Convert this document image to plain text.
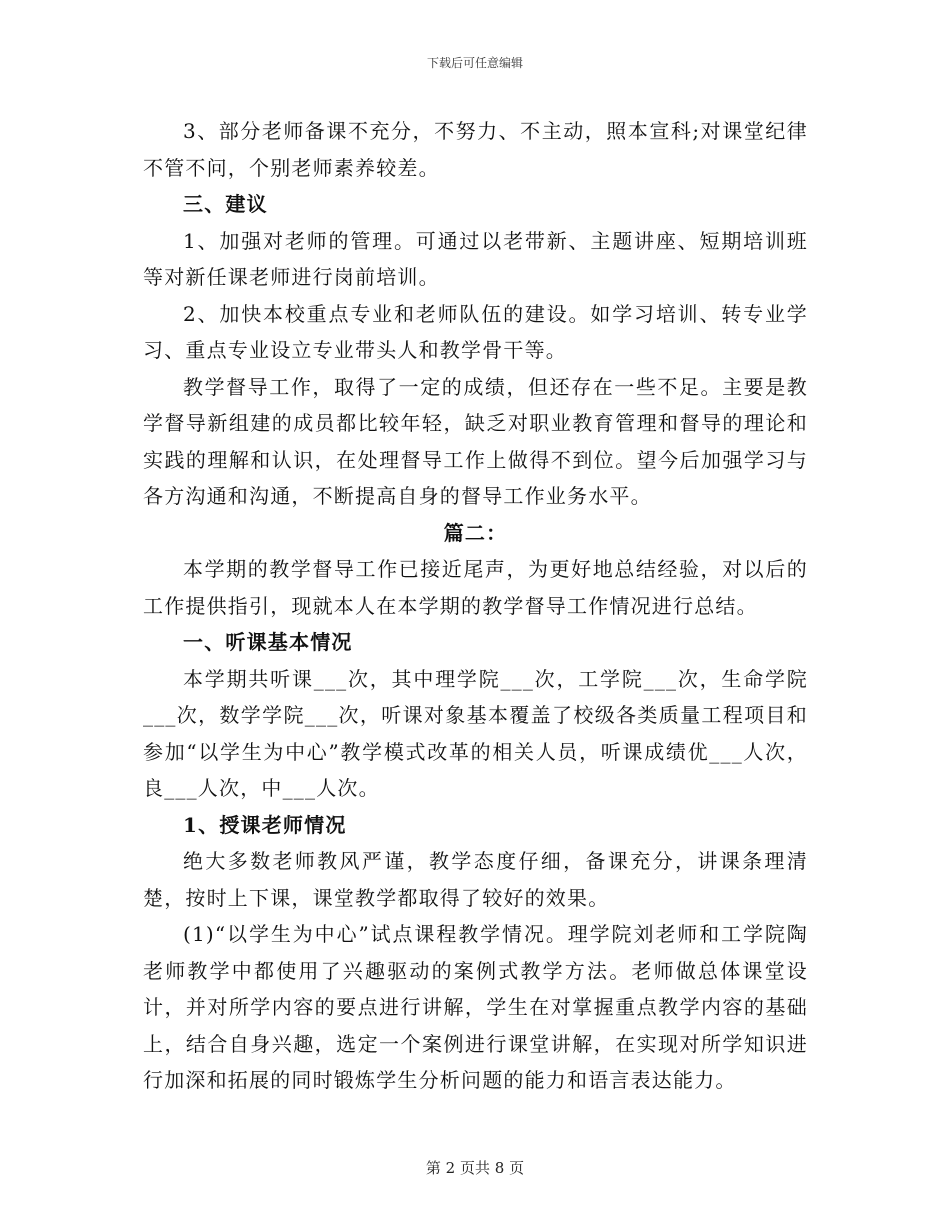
下载后可任意编辑

3、部分老师备课不充分，不努力、不主动，照本宣科;对课堂纪律不管不问，个别老师素养较差。

三、建议

1、加强对老师的管理。可通过以老带新、主题讲座、短期培训班等对新任课老师进行岗前培训。

2、加快本校重点专业和老师队伍的建设。如学习培训、转专业学习、重点专业设立专业带头人和教学骨干等。

教学督导工作，取得了一定的成绩，但还存在一些不足。主要是教学督导新组建的成员都比较年轻，缺乏对职业教育管理和督导的理论和实践的理解和认识，在处理督导工作上做得不到位。望今后加强学习与各方沟通和沟通，不断提高自身的督导工作业务水平。

篇二：

本学期的教学督导工作已接近尾声，为更好地总结经验，对以后的工作提供指引，现就本人在本学期的教学督导工作情况进行总结。

一、听课基本情况

本学期共听课___次，其中理学院___次，工学院___次，生命学院___次，数学学院___次，听课对象基本覆盖了校级各类质量工程项目和参加“以学生为中心”教学模式改革的相关人员，听课成绩优___人次，良___人次，中___人次。

1、授课老师情况

绝大多数老师教风严谨，教学态度仔细，备课充分，讲课条理清楚，按时上下课，课堂教学都取得了较好的效果。

(1)“以学生为中心”试点课程教学情况。理学院刘老师和工学院陶老师教学中都使用了兴趣驱动的案例式教学方法。老师做总体课堂设计，并对所学内容的要点进行讲解，学生在对掌握重点教学内容的基础上，结合自身兴趣，选定一个案例进行课堂讲解，在实现对所学知识进行加深和拓展的同时锻炼学生分析问题的能力和语言表达能力。

第 2 页共 8 页
